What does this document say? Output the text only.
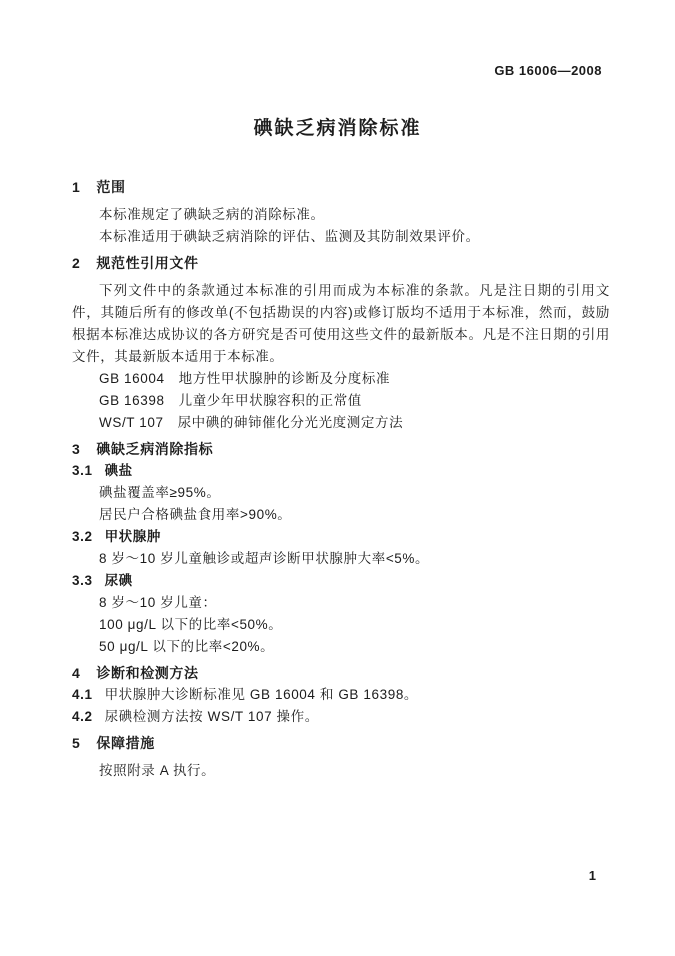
GB 16006—2008
碘缺乏病消除标准
1 范围

本标准规定了碘缺乏病的消除标准。

本标准适用于碘缺乏病消除的评估、监测及其防制效果评价。

2 规范性引用文件

下列文件中的条款通过本标准的引用而成为本标准的条款。凡是注日期的引用文件，其随后所有的修改单(不包括勘误的内容)或修订版均不适用于本标准，然而，鼓励根据本标准达成协议的各方研究是否可使用这些文件的最新版本。凡是不注日期的引用文件，其最新版本适用于本标准。

GB 16004 地方性甲状腺肿的诊断及分度标准
GB 16398 儿童少年甲状腺容积的正常值
WS/T 107 尿中碘的砷铈催化分光光度测定方法
3 碘缺乏病消除指标
3.1 碘盐

碘盐覆盖率≥95%。

居民户合格碘盐食用率>90%。

3.2 甲状腺肿

8 岁～10 岁儿童触诊或超声诊断甲状腺肿大率<5%。

3.3 尿碘

8 岁～10 岁儿童：

100 μg/L 以下的比率<50%。

50 μg/L 以下的比率<20%。

4 诊断和检测方法
4.1 甲状腺肿大诊断标准见 GB 16004 和 GB 16398。
4.2 尿碘检测方法按 WS/T 107 操作。
5 保障措施

按照附录 A 执行。

1
